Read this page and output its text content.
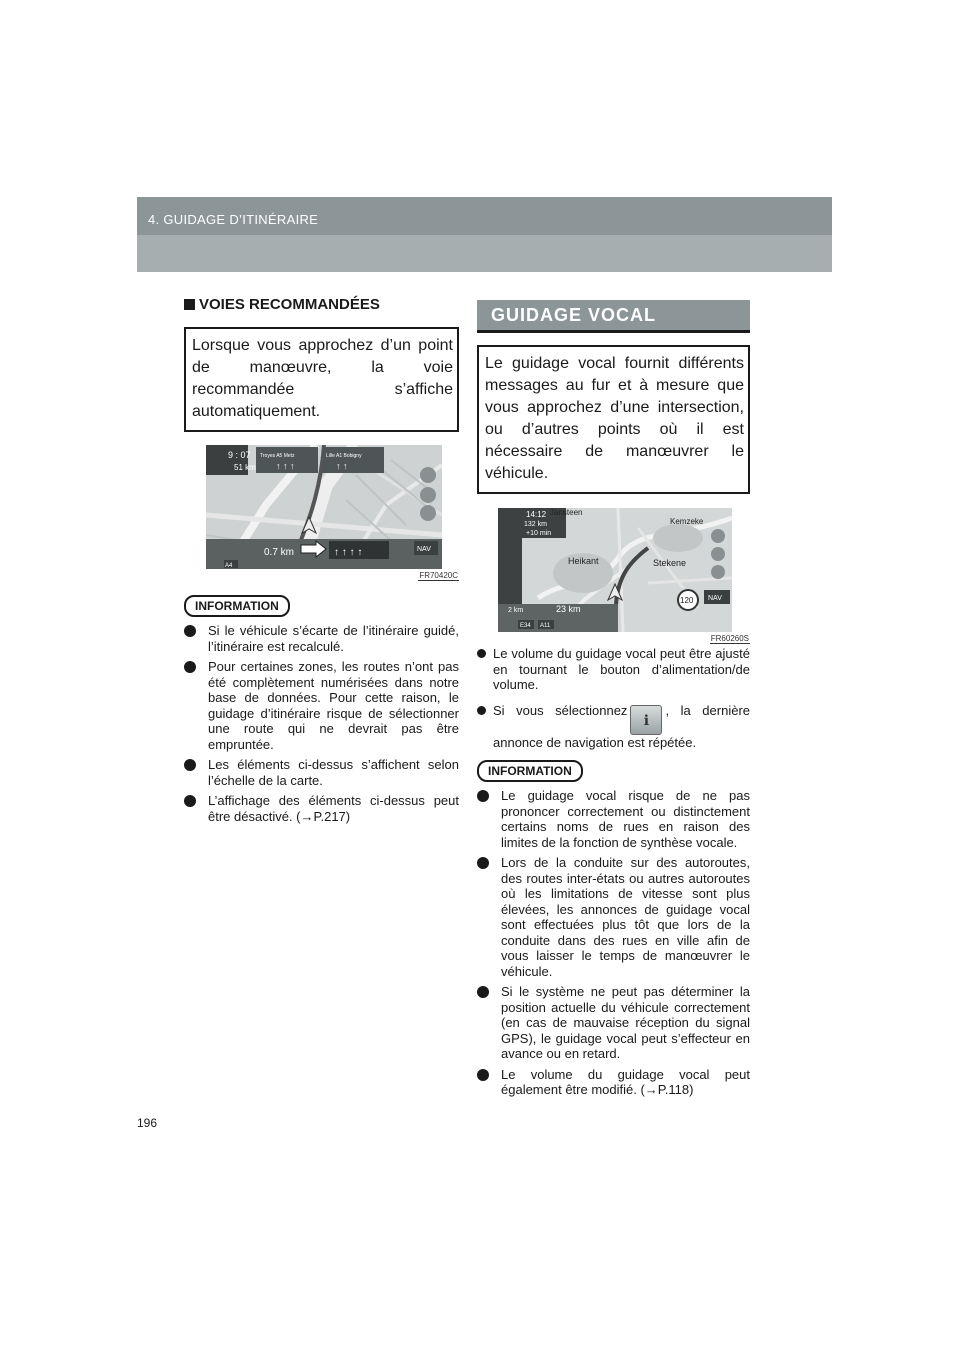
4. GUIDAGE D’ITINÉRAIRE
VOIES RECOMMANDÉES
Lorsque vous approchez d’un point de manœuvre, la voie recommandée s’affiche automatiquement.
9 : 07
51 km
Troyes A5 Metz
↑ ↑ ↑
Lille A1 Bobigny
↑ ↑
0.7 km	↑ ↑ ↑ ↑	NAV
A4
FR70420C
INFORMATION
Si le véhicule s’écarte de l’itinéraire guidé, l’itinéraire est recalculé.
Pour certaines zones, les routes n’ont pas été complètement numérisées dans notre base de données. Pour cette raison, le guidage d’itinéraire risque de sélectionner une route qui ne devrait pas être empruntée.
Les éléments ci-dessus s’affichent selon l’échelle de la carte.
L’affichage des éléments ci-dessus peut être désactivé. (→P.217)
GUIDAGE VOCAL
Le guidage vocal fournit différents messages au fur et à mesure que vous approchez d’une intersection, ou d’autres points où il est nécessaire de manœuvrer le véhicule.
14:12
132 km
+10 min
Jansteen
Kemzeke
Heikant	Stekene
NAV
120
2 km	23 km
E34 A11
FR60260S
Le volume du guidage vocal peut être ajusté en tournant le bouton d’alimentation/de volume.
Si vous sélectionnezℹ, la dernière annonce de navigation est répétée.
INFORMATION
Le guidage vocal risque de ne pas prononcer correctement ou distinctement certains noms de rues en raison des limites de la fonction de synthèse vocale.
Lors de la conduite sur des autoroutes, des routes inter-états ou autres autoroutes où les limitations de vitesse sont plus élevées, les annonces de guidage vocal sont effectuées plus tôt que lors de la conduite dans des rues en ville afin de vous laisser le temps de manœuvrer le véhicule.
Si le système ne peut pas déterminer la position actuelle du véhicule correctement (en cas de mauvaise réception du signal GPS), le guidage vocal peut s’effecteur en avance ou en retard.
Le volume du guidage vocal peut également être modifié. (→P.118)
196
